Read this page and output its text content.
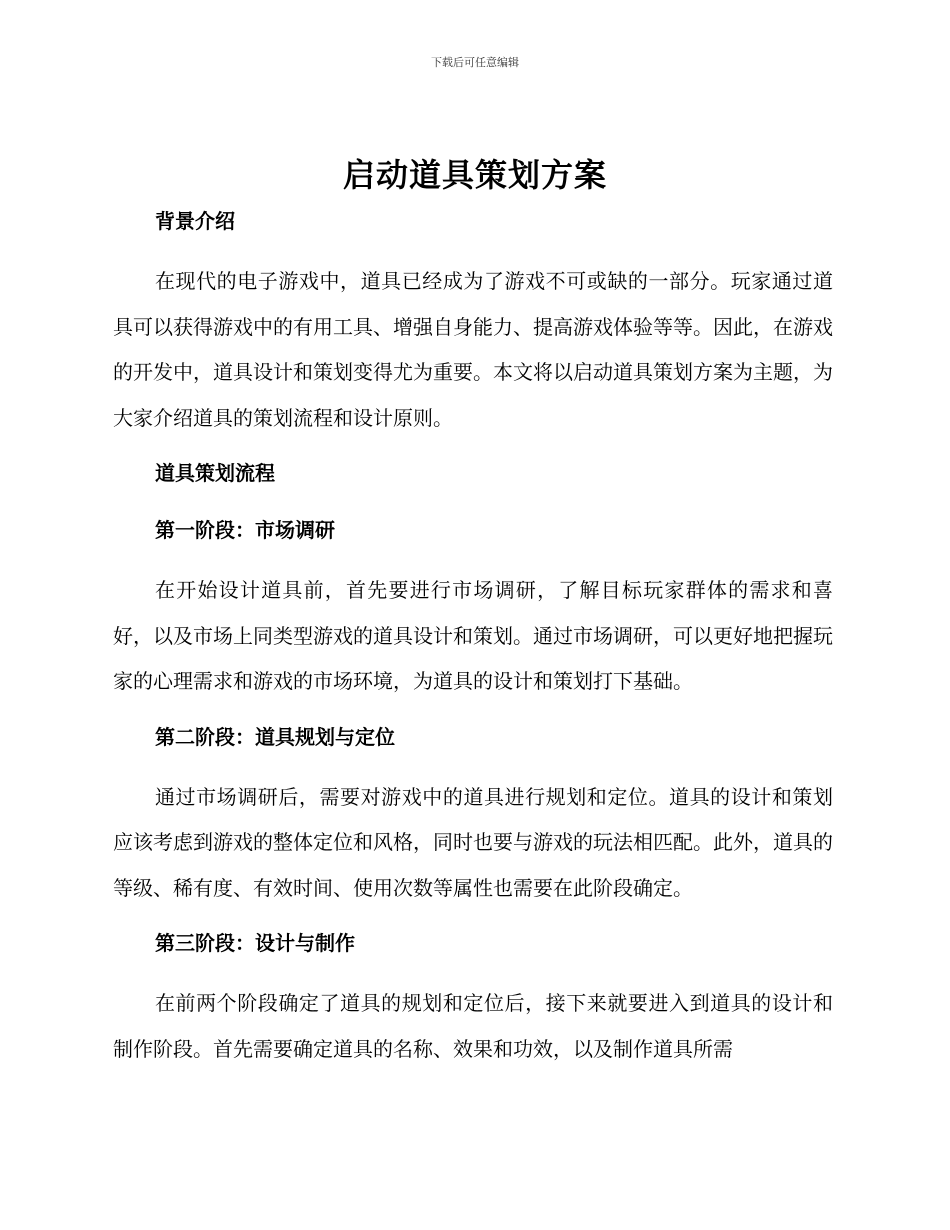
下载后可任意编辑
启动道具策划方案
背景介绍

在现代的电子游戏中，道具已经成为了游戏不可或缺的一部分。玩家通过道具可以获得游戏中的有用工具、增强自身能力、提高游戏体验等等。因此，在游戏的开发中，道具设计和策划变得尤为重要。本文将以启动道具策划方案为主题，为大家介绍道具的策划流程和设计原则。

道具策划流程
第一阶段：市场调研

在开始设计道具前，首先要进行市场调研，了解目标玩家群体的需求和喜好，以及市场上同类型游戏的道具设计和策划。通过市场调研，可以更好地把握玩家的心理需求和游戏的市场环境，为道具的设计和策划打下基础。

第二阶段：道具规划与定位

通过市场调研后，需要对游戏中的道具进行规划和定位。道具的设计和策划应该考虑到游戏的整体定位和风格，同时也要与游戏的玩法相匹配。此外，道具的等级、稀有度、有效时间、使用次数等属性也需要在此阶段确定。

第三阶段：设计与制作

在前两个阶段确定了道具的规划和定位后，接下来就要进入到道具的设计和制作阶段。首先需要确定道具的名称、效果和功效，以及制作道具所需
